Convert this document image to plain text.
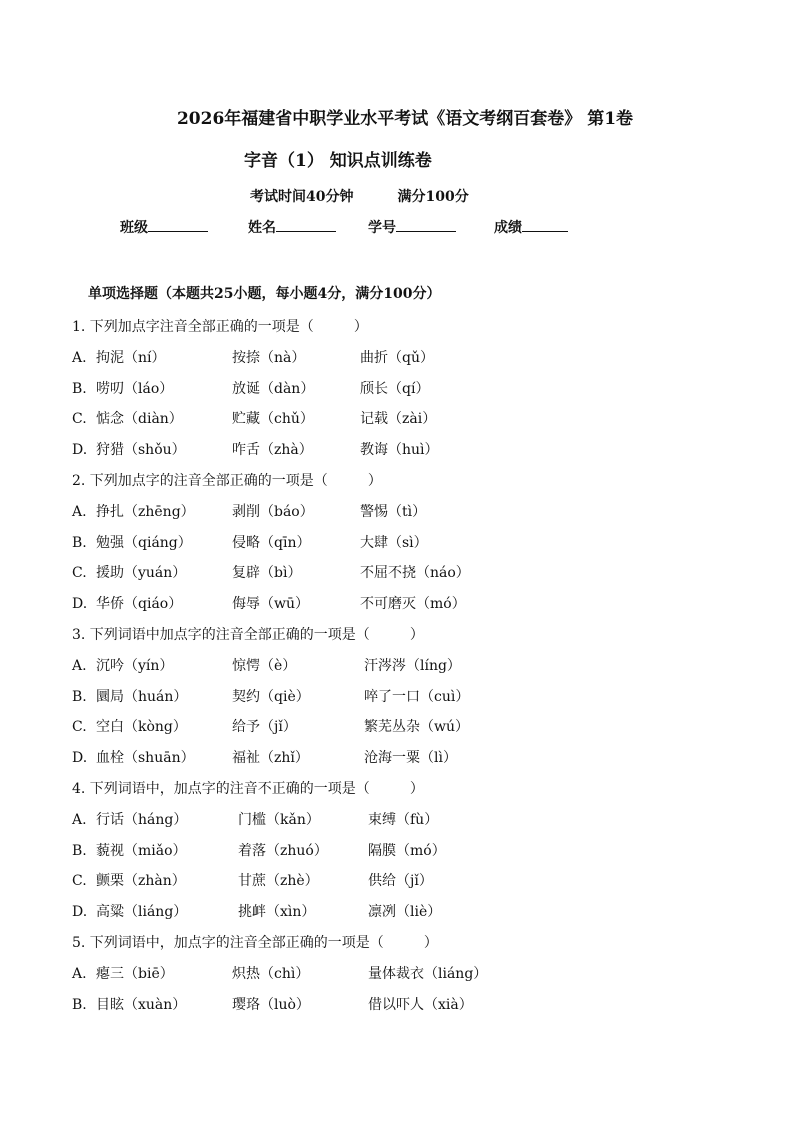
2026年福建省中职学业水平考试《语文考纲百套卷》 第1卷
字音（1） 知识点训练卷
考试时间40分钟	满分100分
班级	姓名	学号	成绩
单项选择题（本题共25小题，每小题4分，满分100分）
1. 下列加点字注音全部正确的一项是（	）
A. 拘泥（ní）	按捺（nà）	曲折（qǔ）
B. 唠叨（láo）	放诞（dàn）	颀长（qí）
C. 惦念（diàn）	贮藏（chǔ）	记载（zài）
D. 狩猎（shǒu）	咋舌（zhà）	教诲（huì）
2. 下列加点字的注音全部正确的一项是（	）
A. 挣扎（zhēng）	剥削（báo）	警惕（tì）
B. 勉强（qiáng）	侵略（qīn）	大肆（sì）
C. 援助（yuán）	复辟（bì）	不屈不挠（náo）
D. 华侨（qiáo）	侮辱（wū）	不可磨灭（mó）
3. 下列词语中加点字的注音全部正确的一项是（	）
A. 沉吟（yín）	惊愕（è）	汗涔涔（líng）
B. 圜局（huán）	契约（qiè）	啐了一口（cuì）
C. 空白（kòng）	给予（jǐ）	繁芜丛杂（wú）
D. 血栓（shuān）	福祉（zhǐ）	沧海一粟（lì）
4. 下列词语中，加点字的注音不正确的一项是（	）
A. 行话（háng）	门槛（kǎn）	束缚（fù）
B. 藐视（miǎo）	着落（zhuó）	隔膜（mó）
C. 颤栗（zhàn）	甘蔗（zhè）	供给（jǐ）
D. 高粱（liáng）	挑衅（xìn）	凛冽（liè）
5. 下列词语中，加点字的注音全部正确的一项是（	）
A. 瘪三（biē）	炽热（chì）	量体裁衣（liáng）
B. 目眩（xuàn）	璎珞（luò）	借以吓人（xià）
